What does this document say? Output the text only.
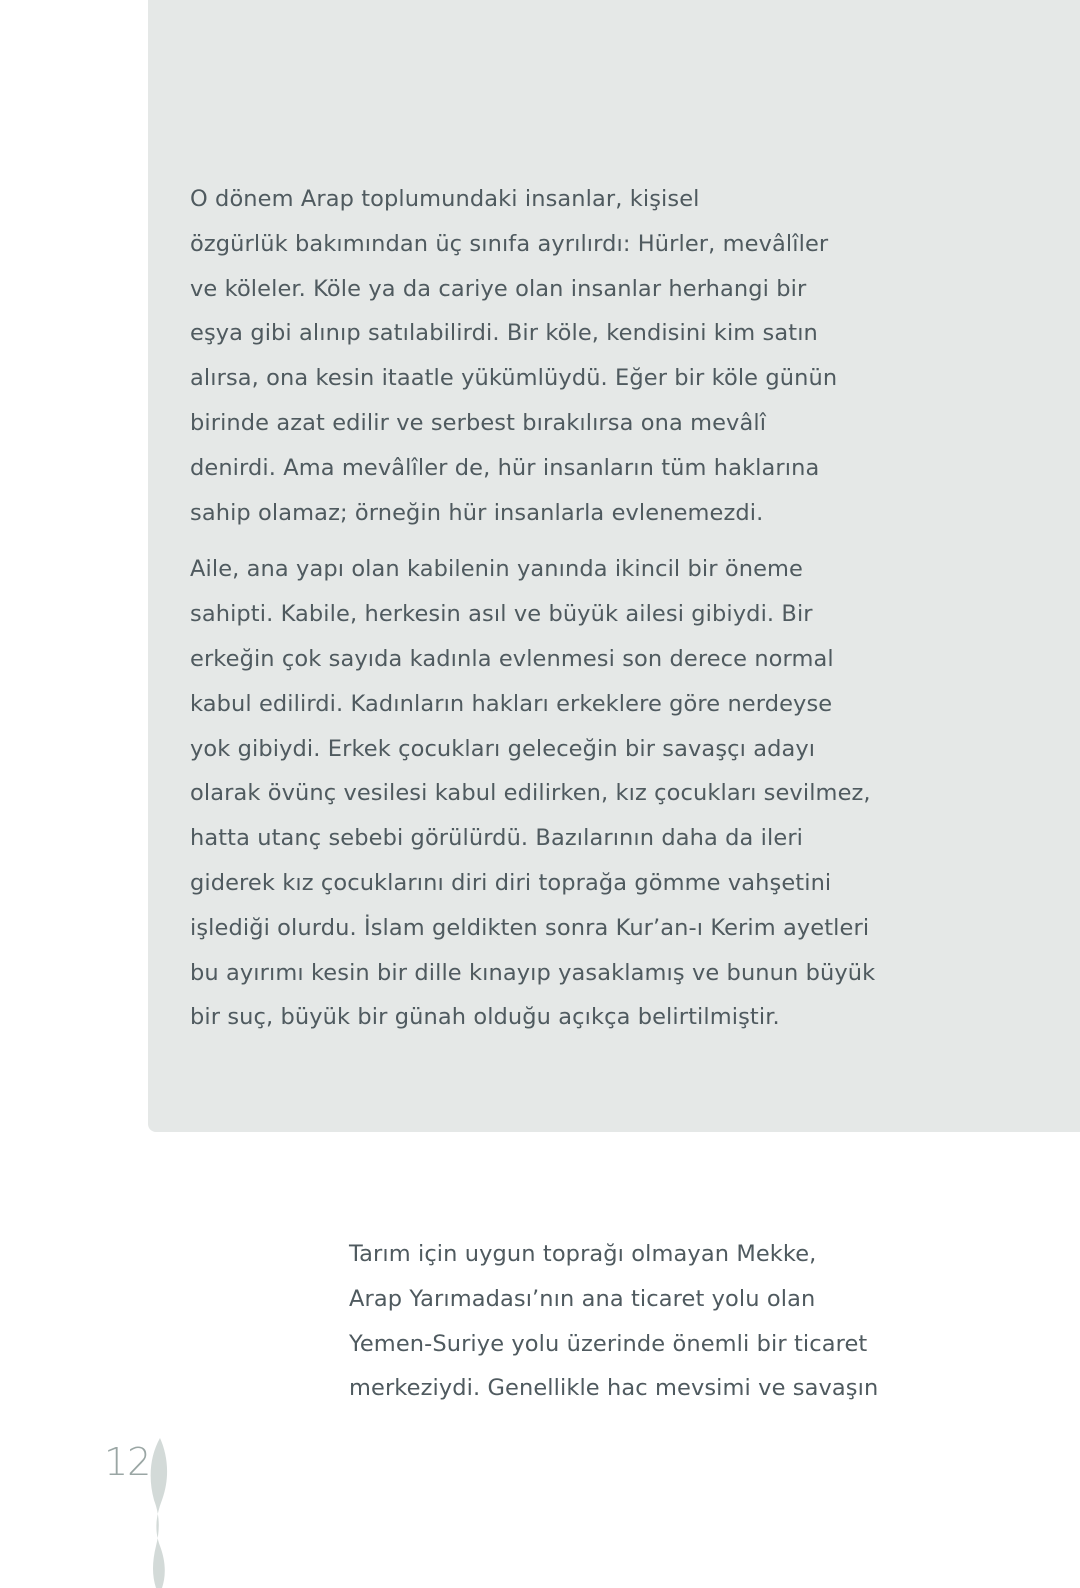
O dönem Arap toplumundaki insanlar, kişisel
özgürlük bakımından üç sınıfa ayrılırdı: Hürler, mevâlîler
ve köleler. Köle ya da cariye olan insanlar herhangi bir
eşya gibi alınıp satılabilirdi. Bir köle, kendisini kim satın
alırsa, ona kesin itaatle yükümlüydü. Eğer bir köle günün
birinde azat edilir ve serbest bırakılırsa ona mevâlî
denirdi. Ama mevâlîler de, hür insanların tüm haklarına
sahip olamaz; örneğin hür insanlarla evlenemezdi.
Aile, ana yapı olan kabilenin yanında ikincil bir öneme
sahipti. Kabile, herkesin asıl ve büyük ailesi gibiydi. Bir
erkeğin çok sayıda kadınla evlenmesi son derece normal
kabul edilirdi. Kadınların hakları erkeklere göre nerdeyse
yok gibiydi. Erkek çocukları geleceğin bir savaşçı adayı
olarak övünç vesilesi kabul edilirken, kız çocukları sevilmez,
hatta utanç sebebi görülürdü. Bazılarının daha da ileri
giderek kız çocuklarını diri diri toprağa gömme vahşetini
işlediği olurdu. İslam geldikten sonra Kur’an-ı Kerim ayetleri
bu ayırımı kesin bir dille kınayıp yasaklamış ve bunun büyük
bir suç, büyük bir günah olduğu açıkça belirtilmiştir.
Tarım için uygun toprağı olmayan Mekke,
Arap Yarımadası’nın ana ticaret yolu olan
Yemen-Suriye yolu üzerinde önemli bir ticaret
merkeziydi. Genellikle hac mevsimi ve savaşın
12
